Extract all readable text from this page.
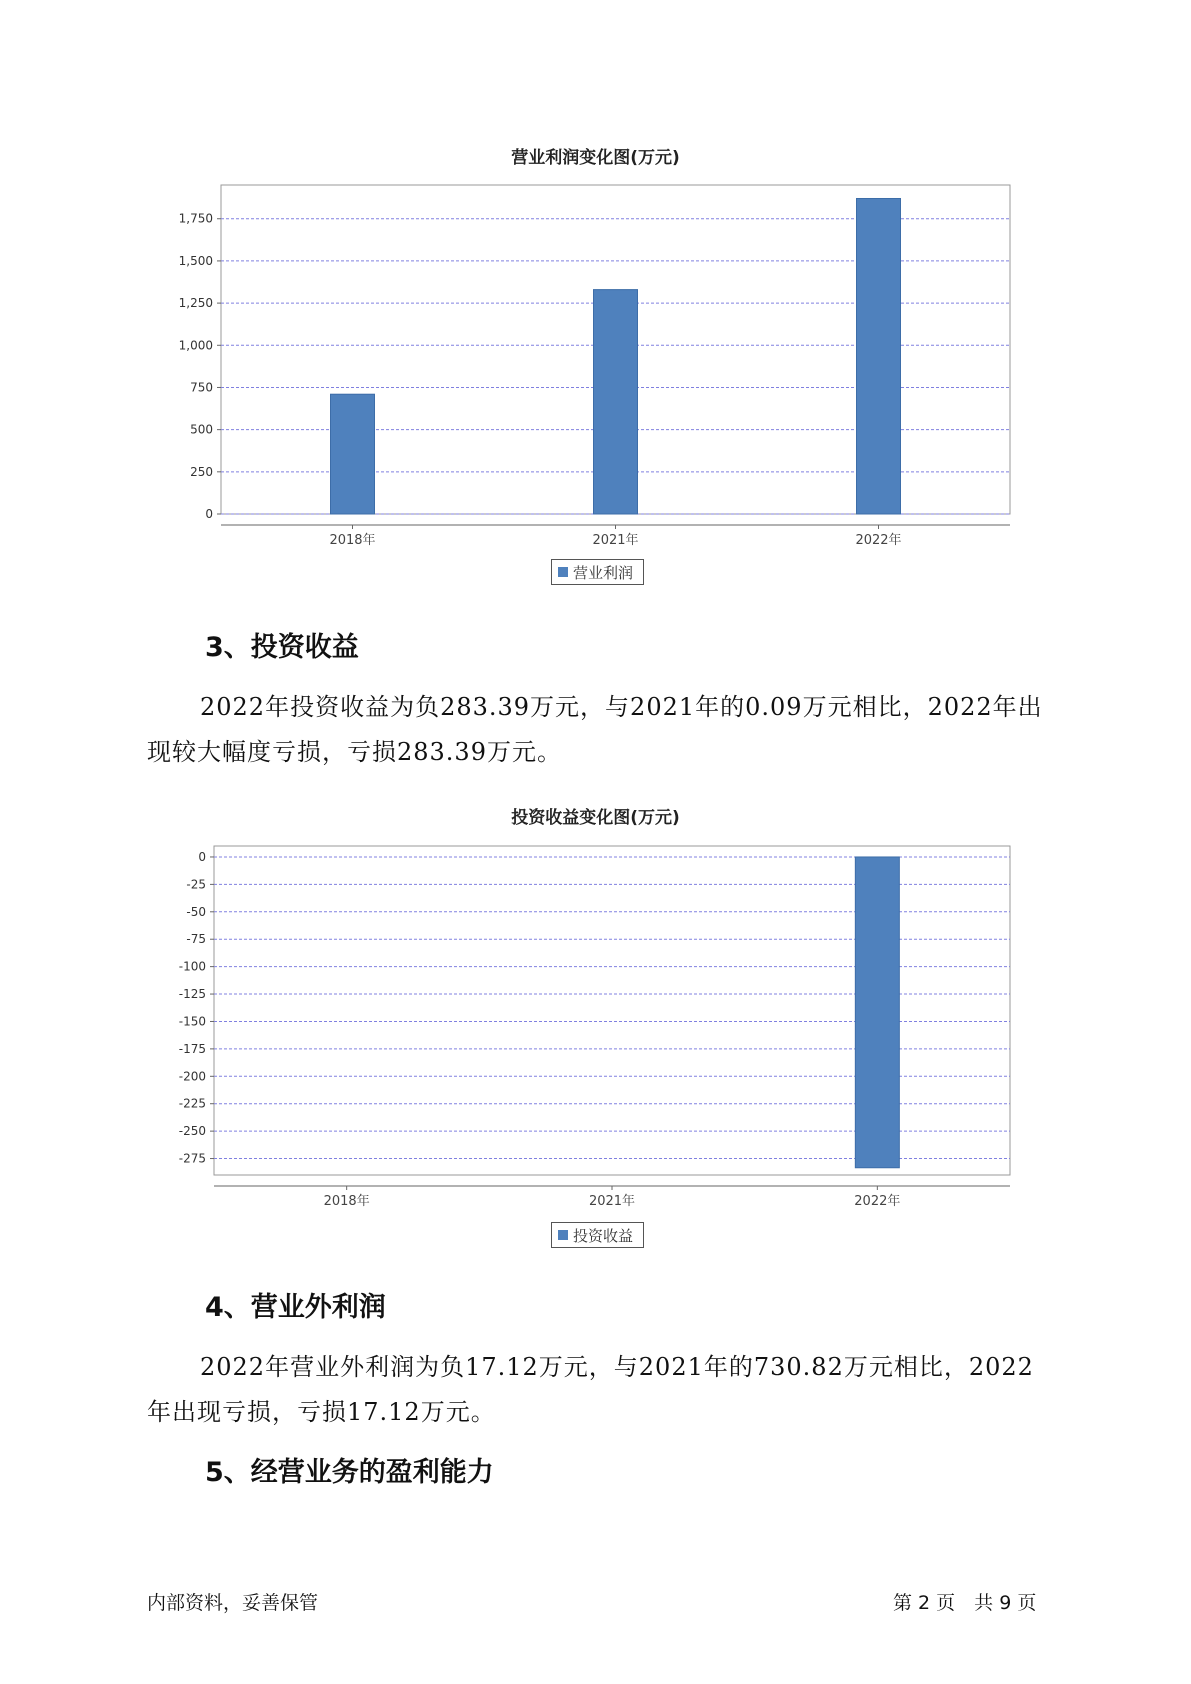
营业利润变化图(万元)
0
250
500
750
1,000
1,250
1,500
1,750
2018年	2021年	2022年
营业利润
3、投资收益
2022年投资收益为负283.39万元，与2021年的0.09万元相比，2022年出现较大幅度亏损，亏损283.39万元。
投资收益变化图(万元)
0
-25
-50
-75
-100
-125
-150
-175
-200
-225
-250
-275
2018年	2021年	2022年
投资收益
4、营业外利润
2022年营业外利润为负17.12万元，与2021年的730.82万元相比，2022年出现亏损，亏损17.12万元。
5、经营业务的盈利能力
内部资料，妥善保管	第 2 页　共 9 页
